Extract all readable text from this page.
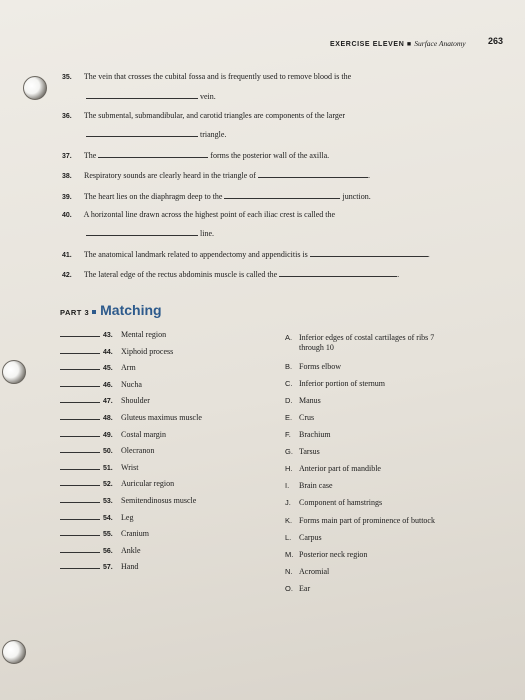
EXERCISE ELEVEN ■ Surface Anatomy 263
35. The vein that crosses the cubital fossa and is frequently used to remove blood is the
vein.
36. The submental, submandibular, and carotid triangles are components of the larger
triangle.
37. The	forms the posterior wall of the axilla.
38. Respiratory sounds are clearly heard in the triangle of	.
39. The heart lies on the diaphragm deep to the	junction.
40. A horizontal line drawn across the highest point of each iliac crest is called the
line.
41. The anatomical landmark related to appendectomy and appendicitis is	.
42. The lateral edge of the rectus abdominis muscle is called the	.
PART 3 Matching
43. Mental region
44. Xiphoid process
45. Arm
46. Nucha
47. Shoulder
48. Gluteus maximus muscle
49. Costal margin
50. Olecranon
51. Wrist
52. Auricular region
53. Semitendinosus muscle
54. Leg
55. Cranium
56. Ankle
57. Hand
A. Inferior edges of costal cartilages of ribs 7
through 10
B. Forms elbow
C. Inferior portion of sternum
D. Manus
E. Crus
F. Brachium
G. Tarsus
H. Anterior part of mandible
I. Brain case
J. Component of hamstrings
K. Forms main part of prominence of buttock
L. Carpus
M. Posterior neck region
N. Acromial
O. Ear
